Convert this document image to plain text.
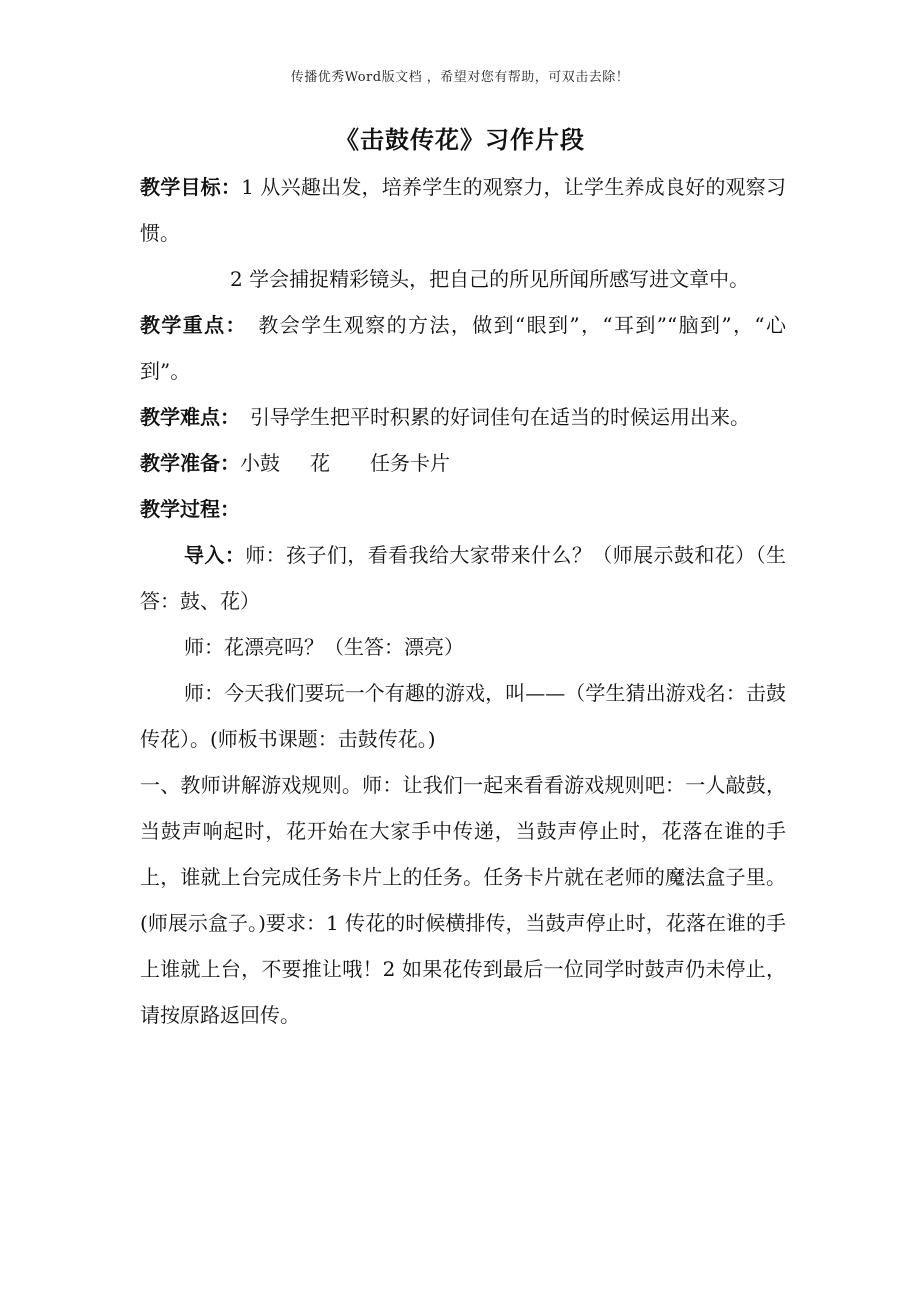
传播优秀Word版文档 ，希望对您有帮助，可双击去除！
《击鼓传花》习作片段

教学目标：1 从兴趣出发，培养学生的观察力，让学生养成良好的观察习惯。

2 学会捕捉精彩镜头，把自己的所见所闻所感写进文章中。

教学重点： 教会学生观察的方法，做到“眼到”，“耳到”“脑到”，“心到”。

教学难点： 引导学生把平时积累的好词佳句在适当的时候运用出来。

教学准备：小鼓 花 任务卡片

教学过程：

导入：师：孩子们，看看我给大家带来什么？（师展示鼓和花）（生答：鼓、花）

师：花漂亮吗？（生答：漂亮）

师：今天我们要玩一个有趣的游戏，叫——（学生猜出游戏名：击鼓传花）。(师板书课题：击鼓传花。)

一、教师讲解游戏规则。师：让我们一起来看看游戏规则吧：一人敲鼓，当鼓声响起时，花开始在大家手中传递，当鼓声停止时，花落在谁的手上，谁就上台完成任务卡片上的任务。任务卡片就在老师的魔法盒子里。(师展示盒子。)要求：1 传花的时候横排传，当鼓声停止时，花落在谁的手上谁就上台，不要推让哦！2 如果花传到最后一位同学时鼓声仍未停止，请按原路返回传。
